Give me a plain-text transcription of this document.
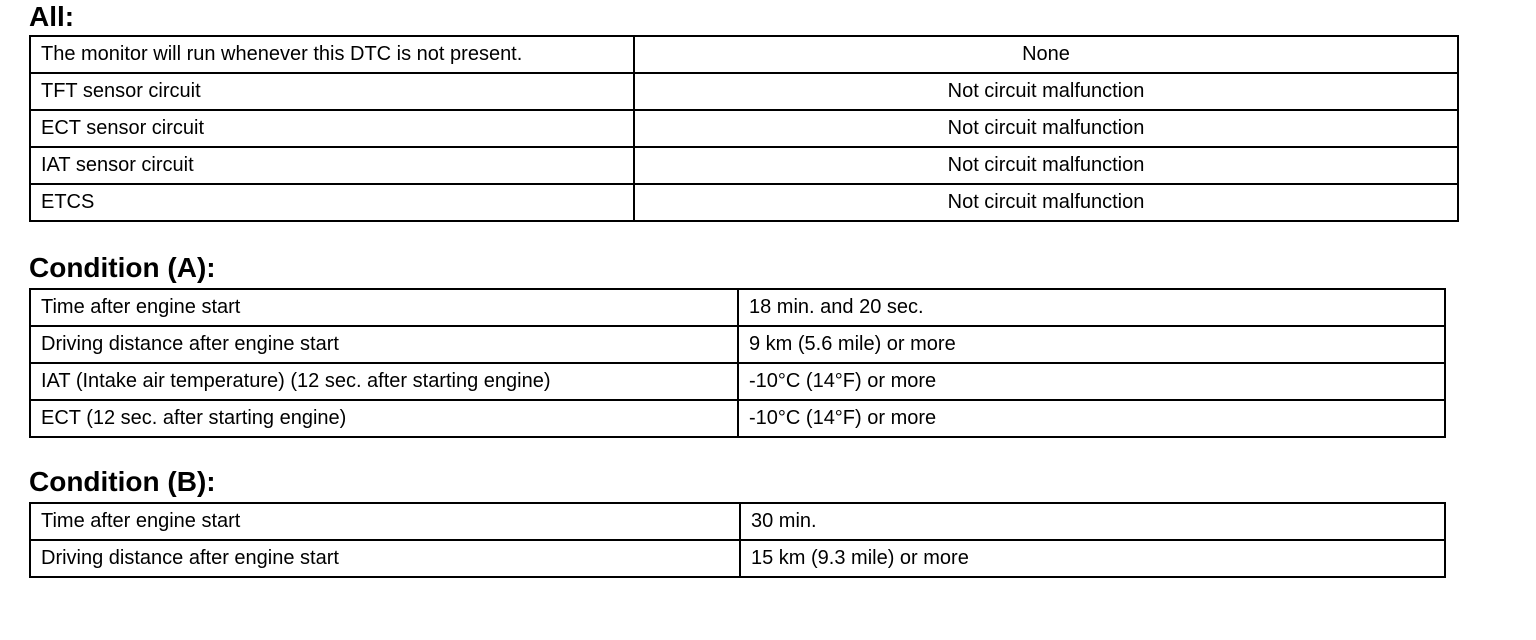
All:
The monitor will run whenever this DTC is not present.	None
TFT sensor circuit	Not circuit malfunction
ECT sensor circuit	Not circuit malfunction
IAT sensor circuit	Not circuit malfunction
ETCS	Not circuit malfunction
Condition (A):
Time after engine start	18 min. and 20 sec.
Driving distance after engine start	9 km (5.6 mile) or more
IAT (Intake air temperature) (12 sec. after starting engine)	-10°C (14°F) or more
ECT (12 sec. after starting engine)	-10°C (14°F) or more
Condition (B):
Time after engine start	30 min.
Driving distance after engine start	15 km (9.3 mile) or more
